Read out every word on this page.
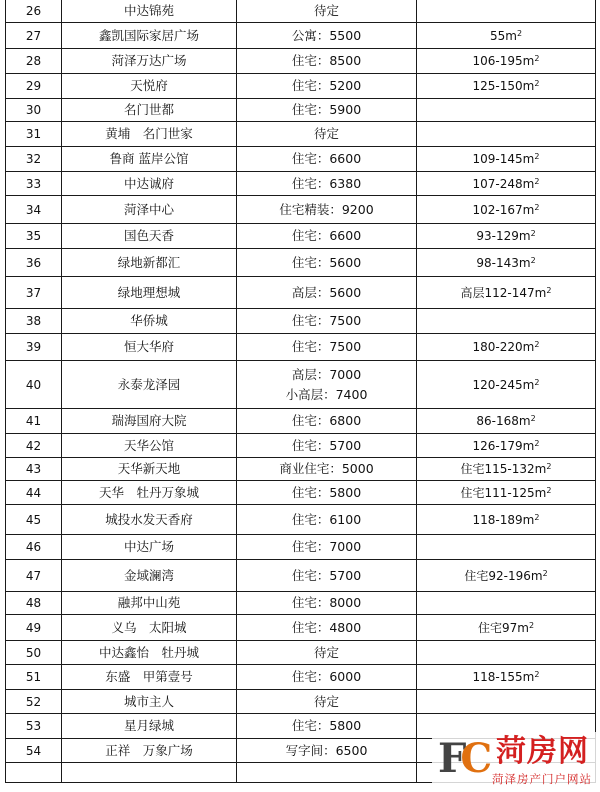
26	中达锦苑	待定	

27	鑫凯国际家居广场	公寓：5500	$55m^2$
28	菏泽万达广场	住宅：8500	$106-195m^2$
29	天悦府	住宅：5200	$125-150m^2$
30	名门世都	住宅：5900	

31	黄埔　名门世家	待定	

32	鲁商 蓝岸公馆	住宅：6600	$109-145m^2$
33	中达诚府	住宅：6380	$107-248m^2$
34	菏泽中心	住宅精装：9200	$102-167m^2$
35	国色天香	住宅：6600	$93-129m^2$
36	绿地新都汇	住宅：5600	$98-143m^2$
37	绿地理想城	高层：5600	高层$112-147m^2$
38	华侨城	住宅：7500	

39	恒大华府	住宅：7500	$180-220m^2$
40	永泰龙泽园	高层：7000
小高层：7400	$120-245m^2$
41	瑞海国府大院	住宅：6800	$86-168m^2$
42	天华公馆	住宅：5700	$126-179m^2$
43	天华新天地	商业住宅：5000	住宅$115-132m^2$
44	天华　牡丹万象城	住宅：5800	住宅$111-125m^2$
45	城投水发天香府	住宅：6100	$118-189m^2$
46	中达广场	住宅：7000	

47	金域澜湾	住宅：5700	住宅$92-196m^2$
48	融邦中山苑	住宅：8000	

49	义乌　太阳城	住宅：4800	住宅$97m^2$
50	中达鑫怡　牡丹城	待定	

51	东盛　甲第壹号	住宅：6000	$118-155m^2$
52	城市主人	待定	

53	星月绿城	住宅：5800	

54	正祥　万象广场	写字间：6500	

		FC 菏房网
菏泽房产门户网站
